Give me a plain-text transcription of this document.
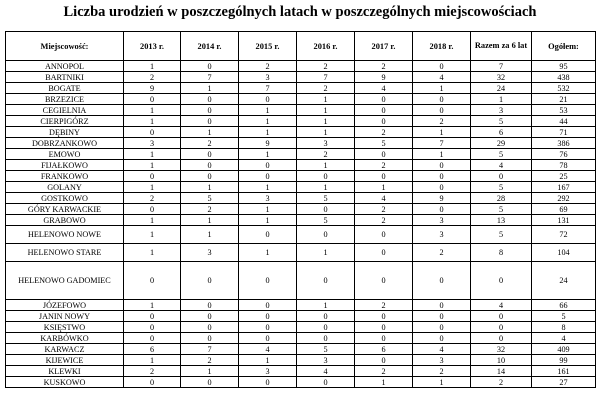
Liczba urodzień w poszczególnych latach w poszczególnych miejscowościach
Miejscowość:	2013 r.	2014 r.	2015 r.	2016 r.	2017 r.	2018 r.	Razem za 6 lat	Ogółem:
ANNOPOL	1	0	2	2	2	0	7	95
BARTNIKI	2	7	3	7	9	4	32	438
BOGATE	9	1	7	2	4	1	24	532
BRZEZICE	0	0	0	1	0	0	1	21
CEGIELNIA	1	0	1	1	0	0	3	53
CIERPIGÓRZ	1	0	1	1	0	2	5	44
DĘBINY	0	1	1	1	2	1	6	71
DOBRZANKOWO	3	2	9	3	5	7	29	386
EMOWO	1	0	1	2	0	1	5	76
FIJAŁKOWO	1	0	0	1	2	0	4	78
FRANKOWO	0	0	0	0	0	0	0	25
GOLANY	1	1	1	1	1	0	5	167
GOSTKOWO	2	5	3	5	4	9	28	292
GÓRY KARWACKIE	0	2	1	0	2	0	5	69
GRABOWO	1	1	1	5	2	3	13	131
HELENOWO NOWE	1	1	0	0	0	3	5	72
HELENOWO STARE	1	3	1	1	0	2	8	104
HELENOWO GADOMIEC	0	0	0	0	0	0	0	24
JÓZEFOWO	1	0	0	1	2	0	4	66
JANIN NOWY	0	0	0	0	0	0	0	5
KSIĘSTWO	0	0	0	0	0	0	0	8
KARBÓWKO	0	0	0	0	0	0	0	4
KARWACZ	6	7	4	5	6	4	32	409
KIJEWICE	1	2	1	3	0	3	10	99
KLEWKI	2	1	3	4	2	2	14	161
KUSKOWO	0	0	0	0	1	1	2	27
